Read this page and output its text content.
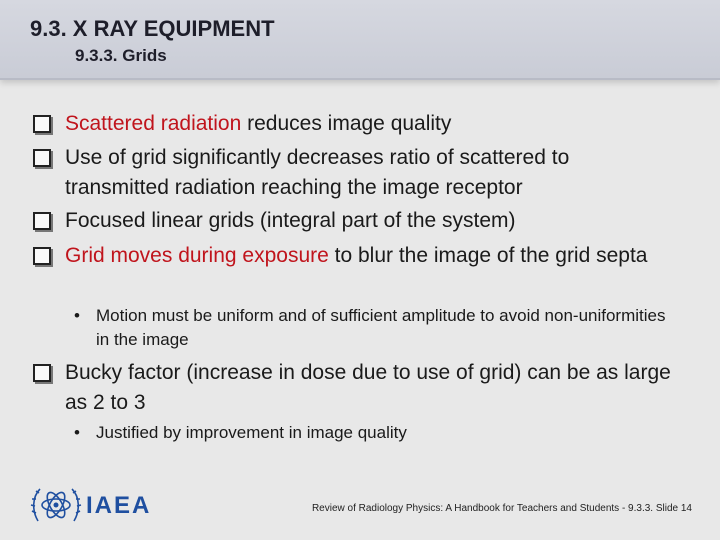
9.3. X RAY EQUIPMENT
9.3.3. Grids
Scattered radiation reduces image quality
Use of grid significantly decreases ratio of scattered to transmitted radiation reaching the image receptor
Focused linear grids (integral part of the system)
Grid moves during exposure to blur the image of the grid septa
• Motion must be uniform and of sufficient amplitude to avoid non-uniformities in the image
Bucky factor (increase in dose due to use of grid) can be as large as 2 to 3
• Justified by improvement in image quality
IAEA	Review of Radiology Physics: A Handbook for Teachers and Students - 9.3.3. Slide 14
